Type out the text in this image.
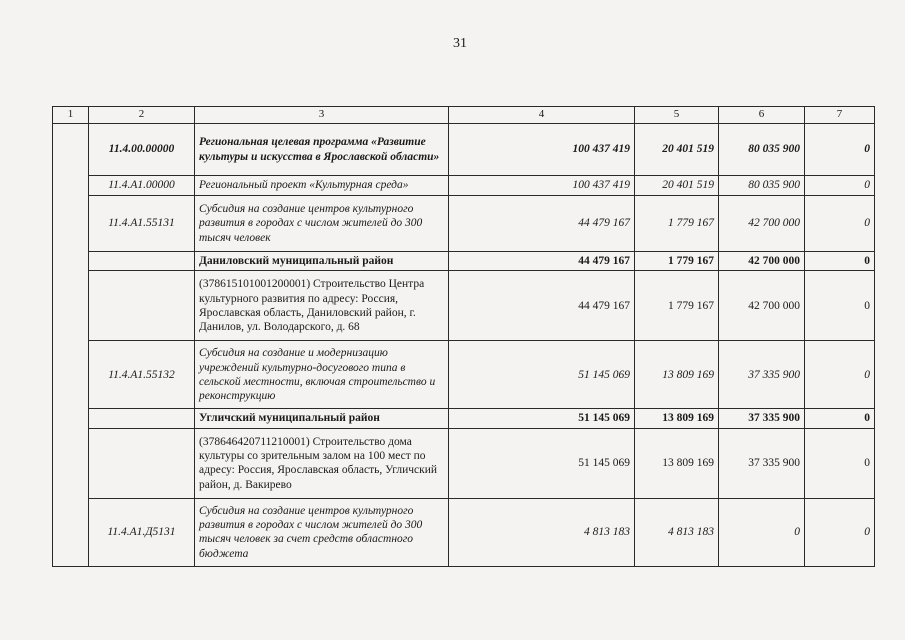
31
1	2	3	4	5	6	7
	11.4.00.00000	Региональная целевая программа «Развитие культуры и искусства в Ярославской области»	100 437 419	20 401 519	80 035 900	0
	11.4.A1.00000	Региональный проект «Культурная среда»	100 437 419	20 401 519	80 035 900	0
	11.4.A1.55131	Субсидия на создание центров культурного развития в городах с числом жителей до 300 тысяч человек	44 479 167	1 779 167	42 700 000	0
		Даниловский муниципальный район	44 479 167	1 779 167	42 700 000	0
		(378615101001200001) Строительство Центра культурного развития по адресу: Россия, Ярославская область, Даниловский район, г. Данилов, ул. Володарского, д. 68	44 479 167	1 779 167	42 700 000	0
	11.4.A1.55132	Субсидия на создание и модернизацию учреждений культурно-досугового типа в сельской местности, включая строительство и реконструкцию	51 145 069	13 809 169	37 335 900	0
		Угличский муниципальный район	51 145 069	13 809 169	37 335 900	0
		(378646420711210001) Строительство дома культуры со зрительным залом на 100 мест по адресу: Россия, Ярославская область, Угличский район, д. Вакирево	51 145 069	13 809 169	37 335 900	0
	11.4.A1.Д5131	Субсидия на создание центров культурного развития в городах с числом жителей до 300 тысяч человек за счет средств областного бюджета	4 813 183	4 813 183	0	0
